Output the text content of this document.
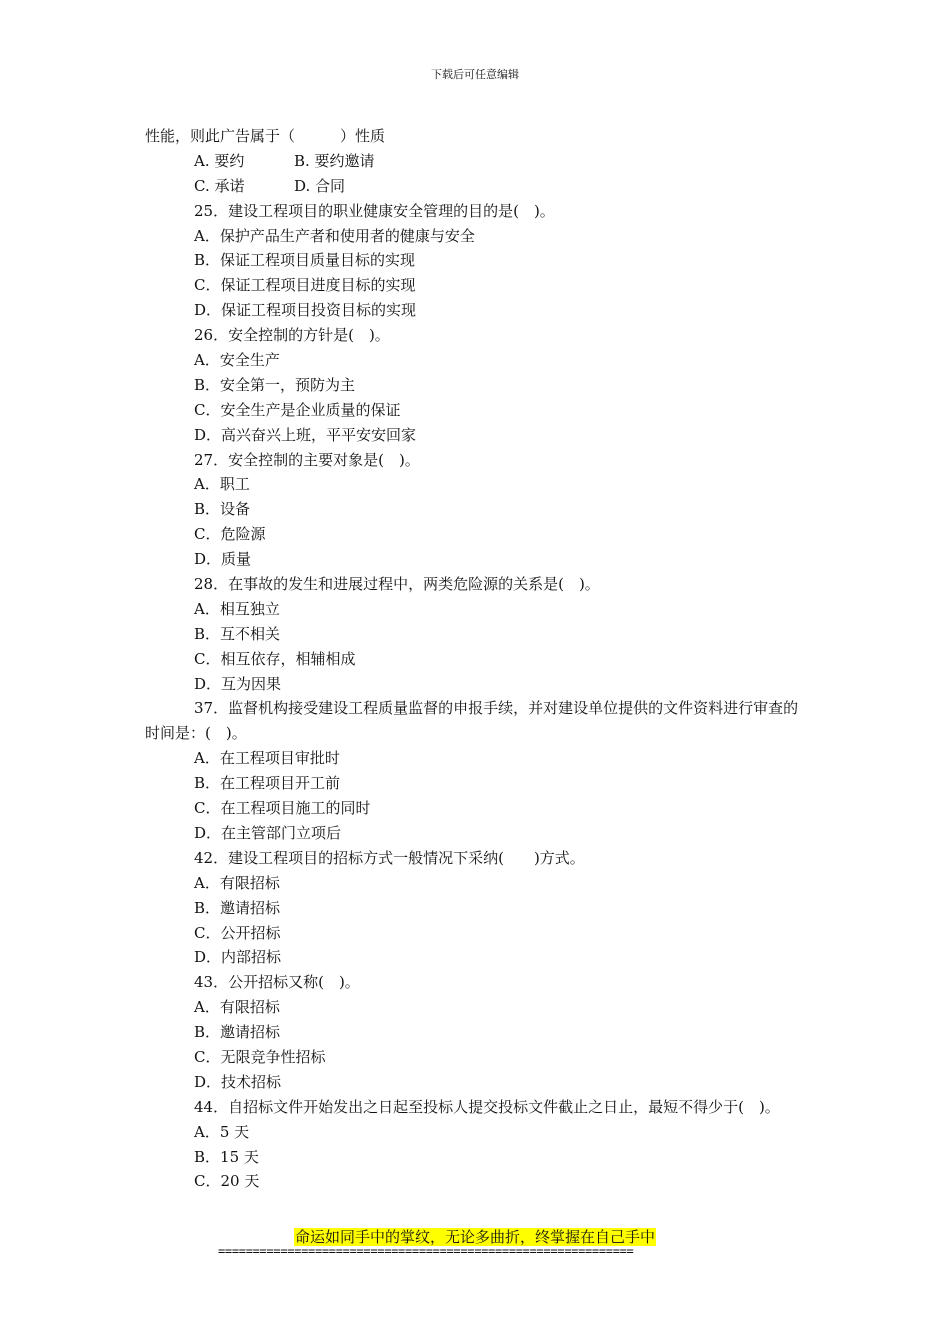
下载后可任意编辑
性能，则此广告属于（　　　）性质
A. 要约	B. 要约邀请
C. 承诺	D. 合同
25．建设工程项目的职业健康安全管理的目的是(　)。
A．保护产品生产者和使用者的健康与安全
B．保证工程项目质量目标的实现
C．保证工程项目进度目标的实现
D．保证工程项目投资目标的实现
26．安全控制的方针是(　)。
A．安全生产
B．安全第一，预防为主
C．安全生产是企业质量的保证
D．高兴奋兴上班，平平安安回家
27．安全控制的主要对象是(　)。
A．职工
B．设备
C．危险源
D．质量
28．在事故的发生和进展过程中，两类危险源的关系是(　)。
A．相互独立
B．互不相关
C．相互依存，相辅相成
D．互为因果
37．监督机构接受建设工程质量监督的申报手续，并对建设单位提供的文件资料进行审查的时间是：(　)。
A．在工程项目审批时
B．在工程项目开工前
C．在工程项目施工的同时
D．在主管部门立项后
42．建设工程项目的招标方式一般情况下采纳(　　)方式。
A．有限招标
B．邀请招标
C．公开招标
D．内部招标
43．公开招标又称(　)。
A．有限招标
B．邀请招标
C．无限竞争性招标
D．技术招标
44．自招标文件开始发出之日起至投标人提交投标文件截止之日止，最短不得少于(　)。
A．5 天
B．15 天
C．20 天
命运如同手中的掌纹，无论多曲折，终掌握在自己手中
============================================================
